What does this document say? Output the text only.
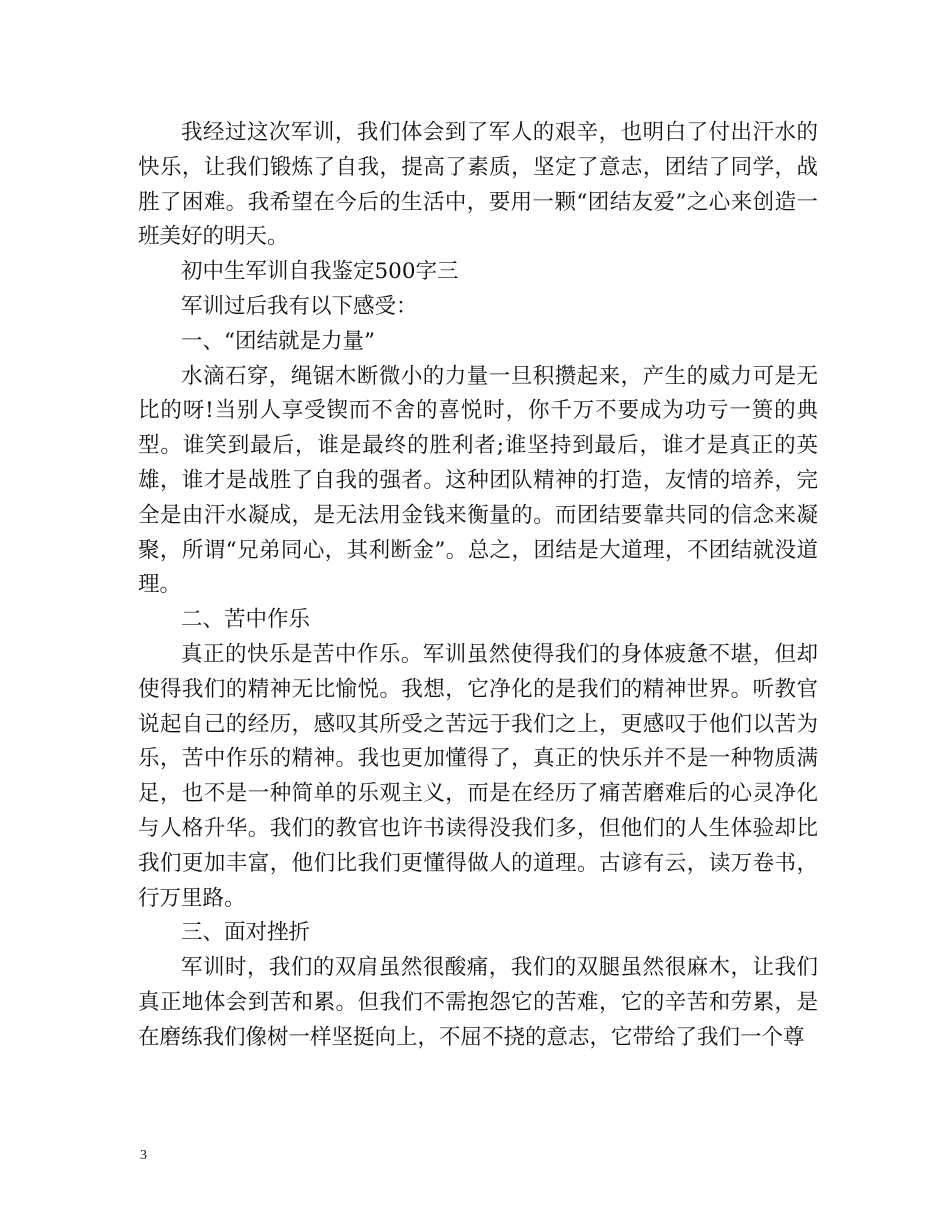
我经过这次军训，我们体会到了军人的艰辛，也明白了付出汗水的快乐，让我们锻炼了自我，提高了素质，坚定了意志，团结了同学，战胜了困难。我希望在今后的生活中，要用一颗“团结友爱”之心来创造一班美好的明天。

初中生军训自我鉴定500字三

军训过后我有以下感受：

一、“团结就是力量”

水滴石穿，绳锯木断微小的力量一旦积攒起来，产生的威力可是无比的呀!当别人享受锲而不舍的喜悦时，你千万不要成为功亏一篑的典型。谁笑到最后，谁是最终的胜利者;谁坚持到最后，谁才是真正的英雄，谁才是战胜了自我的强者。这种团队精神的打造，友情的培养，完全是由汗水凝成，是无法用金钱来衡量的。而团结要靠共同的信念来凝聚，所谓“兄弟同心，其利断金”。总之，团结是大道理，不团结就没道理。

二、苦中作乐

真正的快乐是苦中作乐。军训虽然使得我们的身体疲惫不堪，但却使得我们的精神无比愉悦。我想，它净化的是我们的精神世界。听教官说起自己的经历，感叹其所受之苦远于我们之上，更感叹于他们以苦为乐，苦中作乐的精神。我也更加懂得了，真正的快乐并不是一种物质满足，也不是一种简单的乐观主义，而是在经历了痛苦磨难后的心灵净化与人格升华。我们的教官也许书读得没我们多，但他们的人生体验却比我们更加丰富，他们比我们更懂得做人的道理。古谚有云，读万卷书，行万里路。

三、面对挫折

军训时，我们的双肩虽然很酸痛，我们的双腿虽然很麻木，让我们真正地体会到苦和累。但我们不需抱怨它的苦难，它的辛苦和劳累，是在磨练我们像树一样坚挺向上，不屈不挠的意志，它带给了我们一个尊

3
